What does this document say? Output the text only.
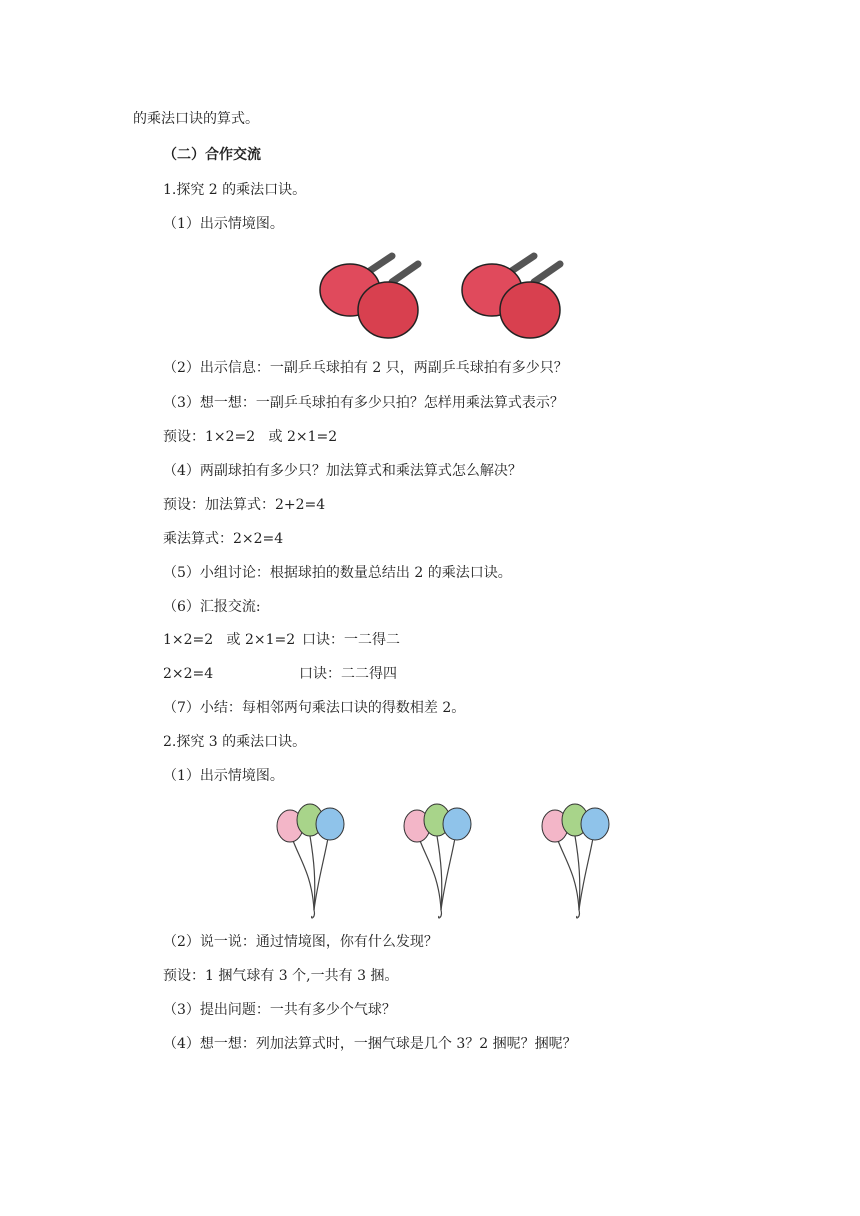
的乘法口诀的算式。
（二）合作交流
1.探究 2 的乘法口诀。
（1）出示情境图。
（2）出示信息：一副乒乓球拍有 2 只，两副乒乓球拍有多少只？
（3）想一想：一副乒乓球拍有多少只拍？怎样用乘法算式表示？
预设：1×2=2   或 2×1=2
（4）两副球拍有多少只？加法算式和乘法算式怎么解决？
预设：加法算式：2+2=4
乘法算式：2×2=4
（5）小组讨论：根据球拍的数量总结出 2 的乘法口诀。
（6）汇报交流:
1×2=2   或 2×1=2 口诀：一二得二
2×2=4	口诀：二二得四
（7）小结：每相邻两句乘法口诀的得数相差 2。
2.探究 3 的乘法口诀。
（1）出示情境图。
（2）说一说：通过情境图，你有什么发现？
预设：1 捆气球有 3 个,一共有 3 捆。
（3）提出问题：一共有多少个气球？
（4）想一想：列加法算式时，一捆气球是几个 3？2 捆呢？捆呢？
